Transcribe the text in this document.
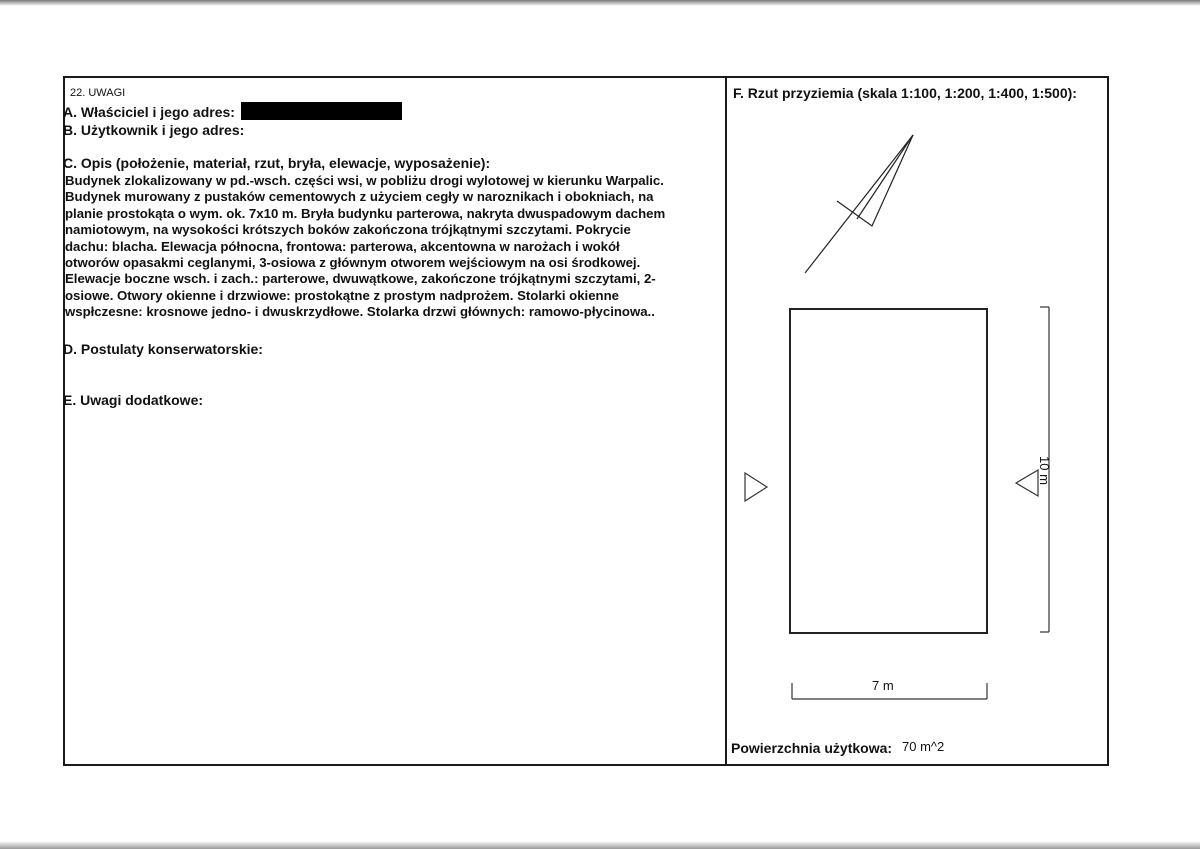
22. UWAGI
A. Właściciel i jego adres:
B. Użytkownik i jego adres:
C. Opis (położenie, materiał, rzut, bryła, elewacje, wyposażenie):
Budynek zlokalizowany w pd.-wsch. części wsi, w pobliżu drogi wylotowej w kierunku Warpalic.
Budynek murowany z pustaków cementowych z użyciem cegły w naroznikach i obokniach, na
planie prostokąta o wym. ok. 7x10 m. Bryła budynku parterowa, nakryta dwuspadowym dachem
namiotowym, na wysokości krótszych boków zakończona trójkątnymi szczytami. Pokrycie
dachu: blacha. Elewacja północna, frontowa: parterowa, akcentowna w narożach i wokół
otworów opasakmi ceglanymi, 3-osiowa z głównym otworem wejściowym na osi środkowej.
Elewacje boczne wsch. i zach.: parterowe, dwuwątkowe, zakończone trójkątnymi szczytami, 2-
osiowe. Otwory okienne i drzwiowe: prostokątne z prostym nadprożem. Stolarki okienne
wspłczesne: krosnowe jedno- i dwuskrzydłowe. Stolarka drzwi głównych: ramowo-płycinowa..
D. Postulaty konserwatorskie:
E. Uwagi dodatkowe:
F. Rzut przyziemia (skala 1:100, 1:200, 1:400, 1:500):
7 m
10 m
Powierzchnia użytkowa: 70 m^2
